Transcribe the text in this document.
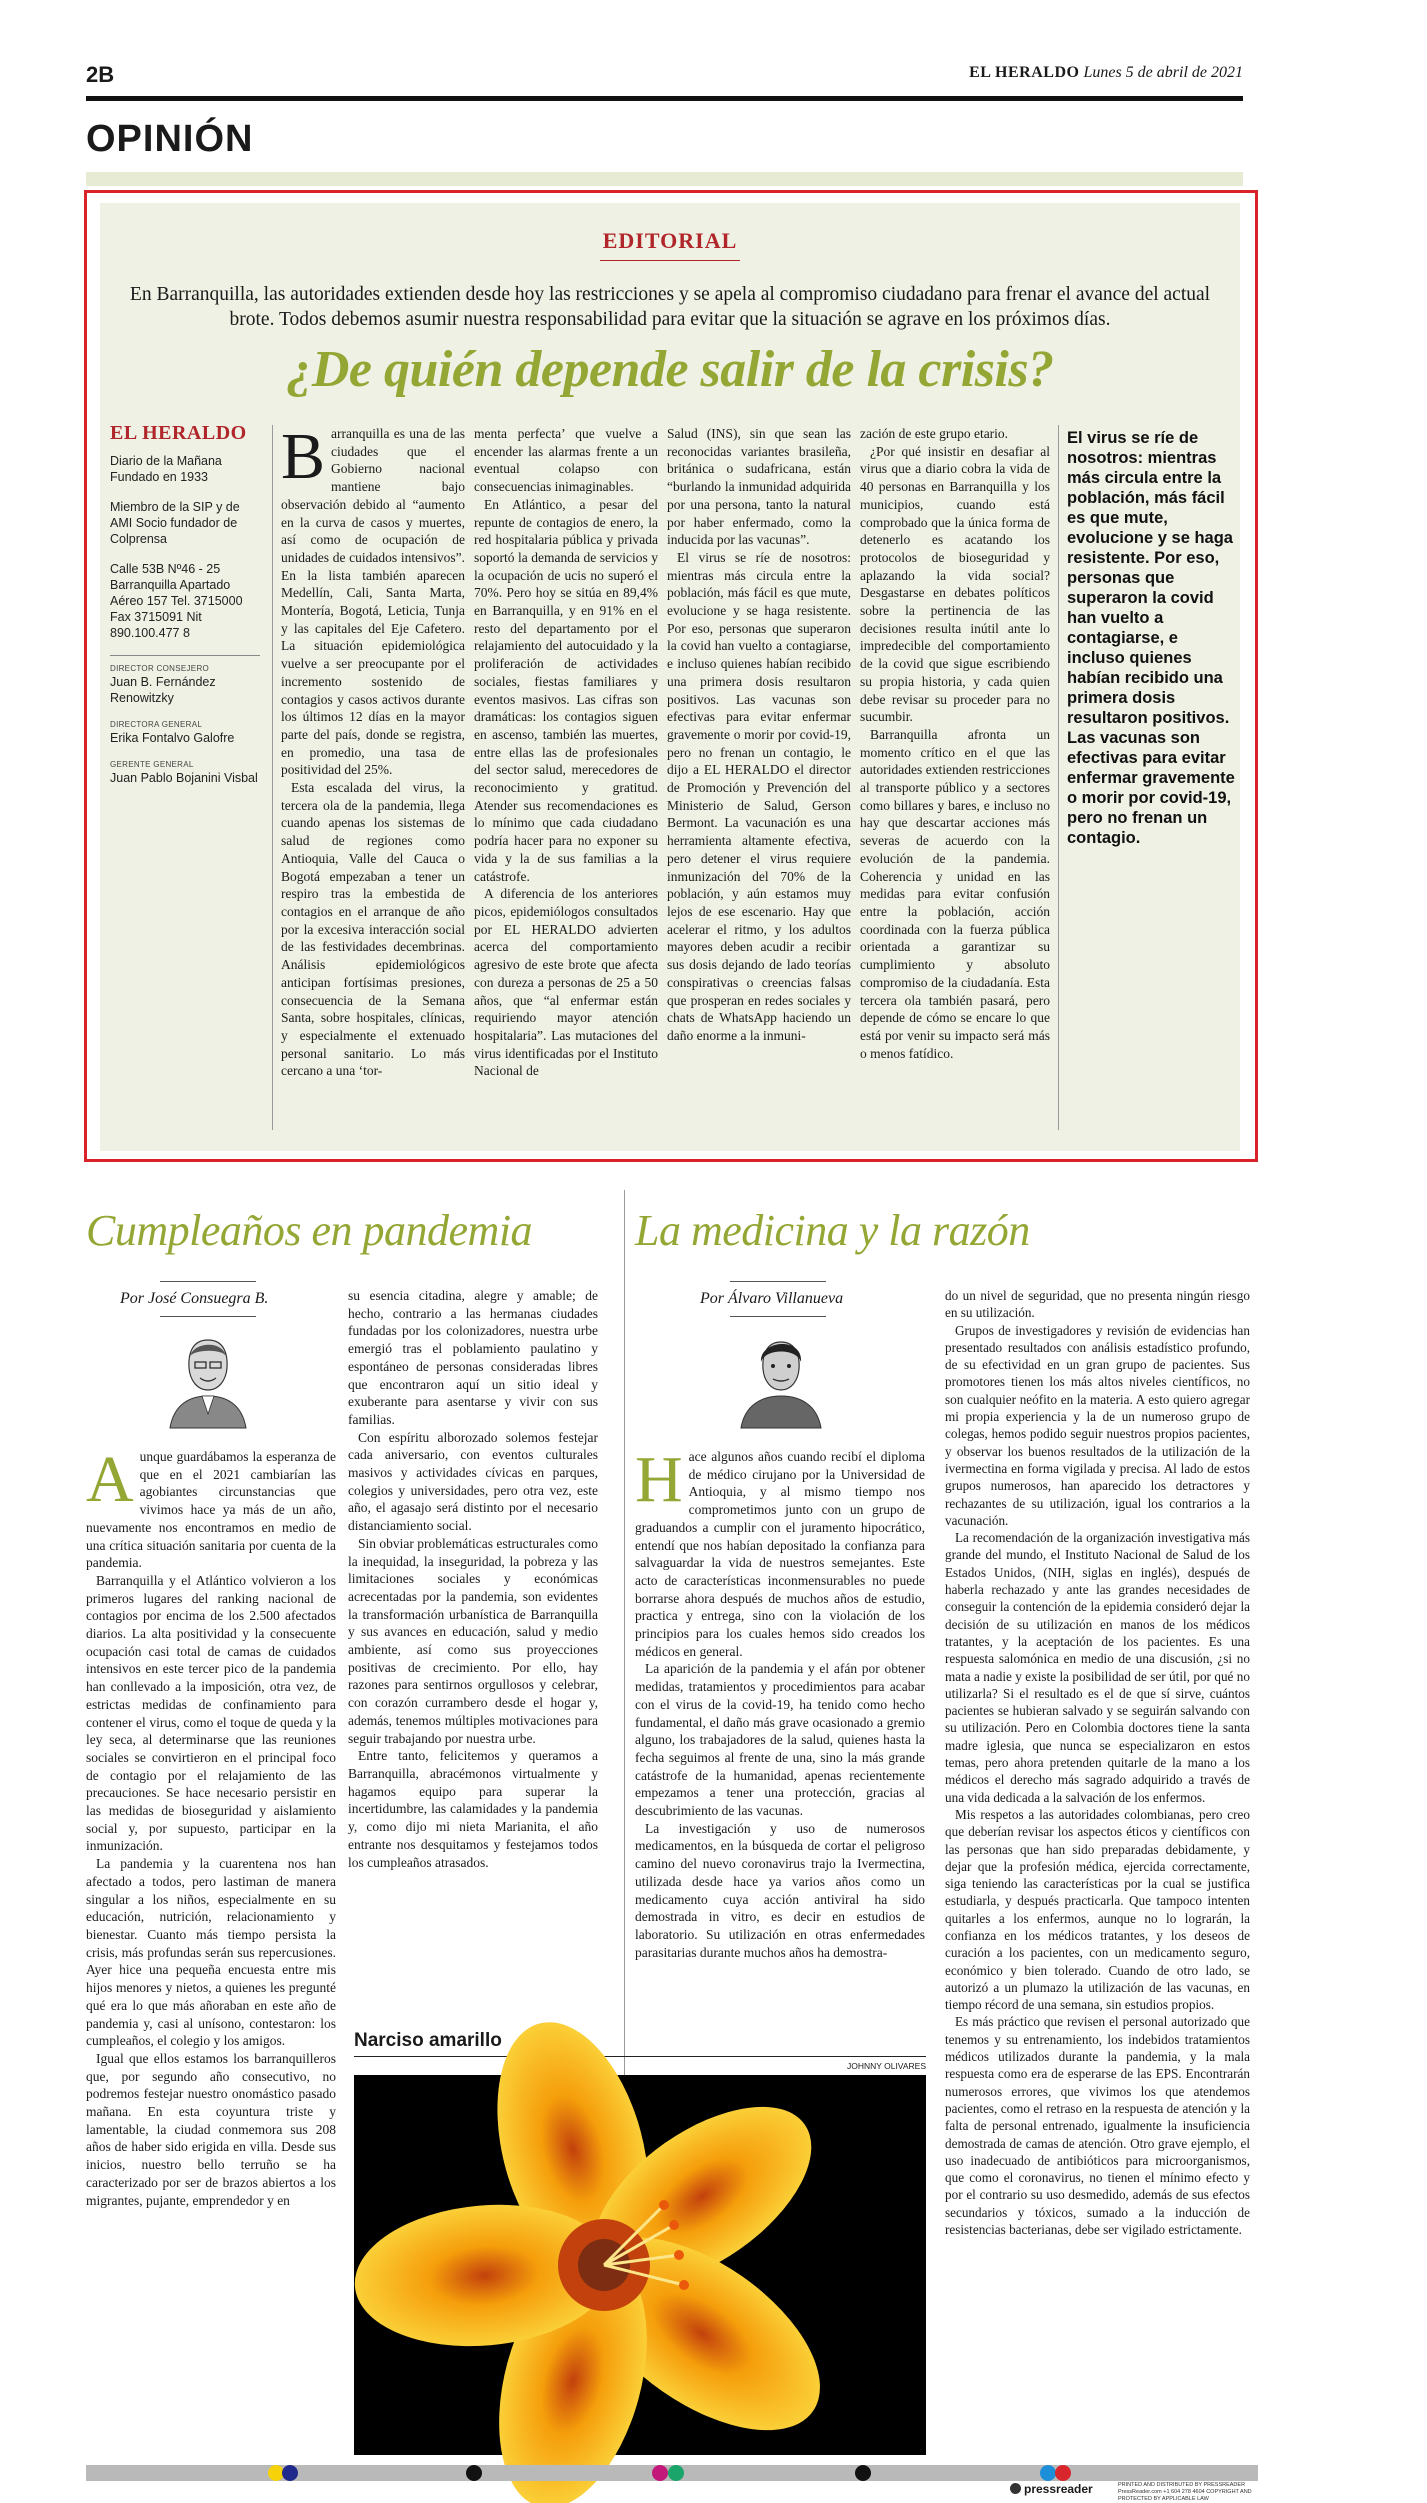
2B	EL HERALDO Lunes 5 de abril de 2021
OPINIÓN
EDITORIAL
En Barranquilla, las autoridades extienden desde hoy las restricciones y se apela al compromiso ciudadano para frenar el avance del actual brote. Todos debemos asumir nuestra responsabilidad para evitar que la situación se agrave en los próximos días.
¿De quién depende salir de la crisis?
EL HERALDO
Diario de la Mañana Fundado en 1933
Miembro de la SIP y de AMI Socio fundador de Colprensa
Calle 53B Nº46 - 25 Barranquilla Apartado Aéreo 157 Tel. 3715000 Fax 3715091 Nit 890.100.477 8
DIRECTOR CONSEJERO
Juan B. Fernández Renowitzky
DIRECTORA GENERAL
Erika Fontalvo Galofre
GERENTE GENERAL
Juan Pablo Bojanini Visbal

Barranquilla es una de las ciudades que el Gobierno nacional mantiene bajo observación debido al “aumento en la curva de casos y muertes, así como de ocupación de unidades de cuidados intensivos”. En la lista también aparecen Medellín, Cali, Santa Marta, Montería, Bogotá, Leticia, Tunja y las capitales del Eje Cafetero. La situación epidemiológica vuelve a ser preocupante por el incremento sostenido de contagios y casos activos durante los últimos 12 días en la mayor parte del país, donde se registra, en promedio, una tasa de positividad del 25%.

Esta escalada del virus, la tercera ola de la pandemia, llega cuando apenas los sistemas de salud de regiones como Antioquia, Valle del Cauca o Bogotá empezaban a tener un respiro tras la embestida de contagios en el arranque de año por la excesiva interacción social de las festividades decembrinas. Análisis epidemiológicos anticipan fortísimas presiones, consecuencia de la Semana Santa, sobre hospitales, clínicas, y especialmente el extenuado personal sanitario. Lo más cercano a una ‘tor-

menta perfecta’ que vuelve a encender las alarmas frente a un eventual colapso con consecuencias inimaginables.

En Atlántico, a pesar del repunte de contagios de enero, la red hospitalaria pública y privada soportó la demanda de servicios y la ocupación de ucis no superó el 70%. Pero hoy se sitúa en 89,4% en Barranquilla, y en 91% en el resto del departamento por el relajamiento del autocuidado y la proliferación de actividades sociales, fiestas familiares y eventos masivos. Las cifras son dramáticas: los contagios siguen en ascenso, también las muertes, entre ellas las de profesionales del sector salud, merecedores de reconocimiento y gratitud. Atender sus recomendaciones es lo mínimo que cada ciudadano podría hacer para no exponer su vida y la de sus familias a la catástrofe.

A diferencia de los anteriores picos, epidemiólogos consultados por EL HERALDO advierten acerca del comportamiento agresivo de este brote que afecta con dureza a personas de 25 a 50 años, que “al enfermar están requiriendo mayor atención hospitalaria”. Las mutaciones del virus identificadas por el Instituto Nacional de

Salud (INS), sin que sean las reconocidas variantes brasileña, británica o sudafricana, están “burlando la inmunidad adquirida por una persona, tanto la natural por haber enfermado, como la inducida por las vacunas”.

El virus se ríe de nosotros: mientras más circula entre la población, más fácil es que mute, evolucione y se haga resistente. Por eso, personas que superaron la covid han vuelto a contagiarse, e incluso quienes habían recibido una primera dosis resultaron positivos. Las vacunas son efectivas para evitar enfermar gravemente o morir por covid-19, pero no frenan un contagio, le dijo a EL HERALDO el director de Promoción y Prevención del Ministerio de Salud, Gerson Bermont. La vacunación es una herramienta altamente efectiva, pero detener el virus requiere inmunización del 70% de la población, y aún estamos muy lejos de ese escenario. Hay que acelerar el ritmo, y los adultos mayores deben acudir a recibir sus dosis dejando de lado teorías conspirativas o creencias falsas que prosperan en redes sociales y chats de WhatsApp haciendo un daño enorme a la inmuni-

zación de este grupo etario.

¿Por qué insistir en desafiar al virus que a diario cobra la vida de 40 personas en Barranquilla y los municipios, cuando está comprobado que la única forma de detenerlo es acatando los protocolos de bioseguridad y aplazando la vida social? Desgastarse en debates políticos sobre la pertinencia de las decisiones resulta inútil ante lo impredecible del comportamiento de la covid que sigue escribiendo su propia historia, y cada quien debe revisar su proceder para no sucumbir.

Barranquilla afronta un momento crítico en el que las autoridades extienden restricciones al transporte público y a sectores como billares y bares, e incluso no hay que descartar acciones más severas de acuerdo con la evolución de la pandemia. Coherencia y unidad en las medidas para evitar confusión entre la población, acción coordinada con la fuerza pública orientada a garantizar su cumplimiento y absoluto compromiso de la ciudadanía. Esta tercera ola también pasará, pero depende de cómo se encare lo que está por venir su impacto será más o menos fatídico.

El virus se ríe de nosotros: mientras más circula entre la población, más fácil es que mute, evolucione y se haga resistente. Por eso, personas que superaron la covid han vuelto a contagiarse, e incluso quienes habían recibido una primera dosis resultaron positivos. Las vacunas son efectivas para evitar enfermar gravemente o morir por covid-19, pero no frenan un contagio.
Cumpleaños en pandemia
Por José Consuegra B.

Aunque guardábamos la esperanza de que en el 2021 cambiarían las agobiantes circunstancias que vivimos hace ya más de un año, nuevamente nos encontramos en medio de una crítica situación sanitaria por cuenta de la pandemia.

Barranquilla y el Atlántico volvieron a los primeros lugares del ranking nacional de contagios por encima de los 2.500 afectados diarios. La alta positividad y la consecuente ocupación casi total de camas de cuidados intensivos en este tercer pico de la pandemia han conllevado a la imposición, otra vez, de estrictas medidas de confinamiento para contener el virus, como el toque de queda y la ley seca, al determinarse que las reuniones sociales se convirtieron en el principal foco de contagio por el relajamiento de las precauciones. Se hace necesario persistir en las medidas de bioseguridad y aislamiento social y, por supuesto, participar en la inmunización.

La pandemia y la cuarentena nos han afectado a todos, pero lastiman de manera singular a los niños, especialmente en su educación, nutrición, relacionamiento y bienestar. Cuanto más tiempo persista la crisis, más profundas serán sus repercusiones. Ayer hice una pequeña encuesta entre mis hijos menores y nietos, a quienes les pregunté qué era lo que más añoraban en este año de pandemia y, casi al unísono, contestaron: los cumpleaños, el colegio y los amigos.

Igual que ellos estamos los barranquilleros que, por segundo año consecutivo, no podremos festejar nuestro onomástico pasado mañana. En esta coyuntura triste y lamentable, la ciudad conmemora sus 208 años de haber sido erigida en villa. Desde sus inicios, nuestro bello terruño se ha caracterizado por ser de brazos abiertos a los migrantes, pujante, emprendedor y en

su esencia citadina, alegre y amable; de hecho, contrario a las hermanas ciudades fundadas por los colonizadores, nuestra urbe emergió tras el poblamiento paulatino y espontáneo de personas consideradas libres que encontraron aquí un sitio ideal y exuberante para asentarse y vivir con sus familias.

Con espíritu alborozado solemos festejar cada aniversario, con eventos culturales masivos y actividades cívicas en parques, colegios y universidades, pero otra vez, este año, el agasajo será distinto por el necesario distanciamiento social.

Sin obviar problemáticas estructurales como la inequidad, la inseguridad, la pobreza y las limitaciones sociales y económicas acrecentadas por la pandemia, son evidentes la transformación urbanística de Barranquilla y sus avances en educación, salud y medio ambiente, así como sus proyecciones positivas de crecimiento. Por ello, hay razones para sentirnos orgullosos y celebrar, con corazón currambero desde el hogar y, además, tenemos múltiples motivaciones para seguir trabajando por nuestra urbe.

Entre tanto, felicitemos y queramos a Barranquilla, abracémonos virtualmente y hagamos equipo para superar la incertidumbre, las calamidades y la pandemia y, como dijo mi nieta Marianita, el año entrante nos desquitamos y festejamos todos los cumpleaños atrasados.

La medicina y la razón
Por Álvaro Villanueva

Hace algunos años cuando recibí el diploma de médico cirujano por la Universidad de Antioquia, y al mismo tiempo nos comprometimos junto con un grupo de graduandos a cumplir con el juramento hipocrático, entendí que nos habían depositado la confianza para salvaguardar la vida de nuestros semejantes. Este acto de características inconmensurables no puede borrarse ahora después de muchos años de estudio, practica y entrega, sino con la violación de los principios para los cuales hemos sido creados los médicos en general.

La aparición de la pandemia y el afán por obtener medidas, tratamientos y procedimientos para acabar con el virus de la covid-19, ha tenido como hecho fundamental, el daño más grave ocasionado a gremio alguno, los trabajadores de la salud, quienes hasta la fecha seguimos al frente de una, sino la más grande catástrofe de la humanidad, apenas recientemente empezamos a tener una protección, gracias al descubrimiento de las vacunas.

La investigación y uso de numerosos medicamentos, en la búsqueda de cortar el peligroso camino del nuevo coronavirus trajo la Ivermectina, utilizada desde hace ya varios años como un medicamento cuya acción antiviral ha sido demostrada in vitro, es decir en estudios de laboratorio. Su utilización en otras enfermedades parasitarias durante muchos años ha demostra-

do un nivel de seguridad, que no presenta ningún riesgo en su utilización.

Grupos de investigadores y revisión de evidencias han presentado resultados con análisis estadístico profundo, de su efectividad en un gran grupo de pacientes. Sus promotores tienen los más altos niveles científicos, no son cualquier neófito en la materia. A esto quiero agregar mi propia experiencia y la de un numeroso grupo de colegas, hemos podido seguir nuestros propios pacientes, y observar los buenos resultados de la utilización de la ivermectina en forma vigilada y precisa. Al lado de estos grupos numerosos, han aparecido los detractores y rechazantes de su utilización, igual los contrarios a la vacunación.

La recomendación de la organización investigativa más grande del mundo, el Instituto Nacional de Salud de los Estados Unidos, (NIH, siglas en inglés), después de haberla rechazado y ante las grandes necesidades de conseguir la contención de la epidemia consideró dejar la decisión de su utilización en manos de los médicos tratantes, y la aceptación de los pacientes. Es una respuesta salomónica en medio de una discusión, ¿si no mata a nadie y existe la posibilidad de ser útil, por qué no utilizarla? Si el resultado es el de que sí sirve, cuántos pacientes se hubieran salvado y se seguirán salvando con su utilización. Pero en Colombia doctores tiene la santa madre iglesia, que nunca se especializaron en estos temas, pero ahora pretenden quitarle de la mano a los médicos el derecho más sagrado adquirido a través de una vida dedicada a la salvación de los enfermos.

Mis respetos a las autoridades colombianas, pero creo que deberían revisar los aspectos éticos y científicos con las personas que han sido preparadas debidamente, y dejar que la profesión médica, ejercida correctamente, siga teniendo las características por la cual se justifica estudiarla, y después practicarla. Que tampoco intenten quitarles a los enfermos, aunque no lo lograrán, la confianza en los médicos tratantes, y los deseos de curación a los pacientes, con un medicamento seguro, económico y bien tolerado. Cuando de otro lado, se autorizó a un plumazo la utilización de las vacunas, en tiempo récord de una semana, sin estudios propios.

Es más práctico que revisen el personal autorizado que tenemos y su entrenamiento, los indebidos tratamientos médicos utilizados durante la pandemia, y la mala respuesta como era de esperarse de las EPS. Encontrarán numerosos errores, que vivimos los que atendemos pacientes, como el retraso en la respuesta de atención y la falta de personal entrenado, igualmente la insuficiencia demostrada de camas de atención. Otro grave ejemplo, el uso inadecuado de antibióticos para microorganismos, que como el coronavirus, no tienen el mínimo efecto y por el contrario su uso desmedido, además de sus efectos secundarios y tóxicos, sumado a la inducción de resistencias bacterianas, debe ser vigilado estrictamente.

Narciso amarillo
JOHNNY OLIVARES
pressreader	PRINTED AND DISTRIBUTED BY PRESSREADER PressReader.com +1 604 278 4604 COPYRIGHT AND PROTECTED BY APPLICABLE LAW
